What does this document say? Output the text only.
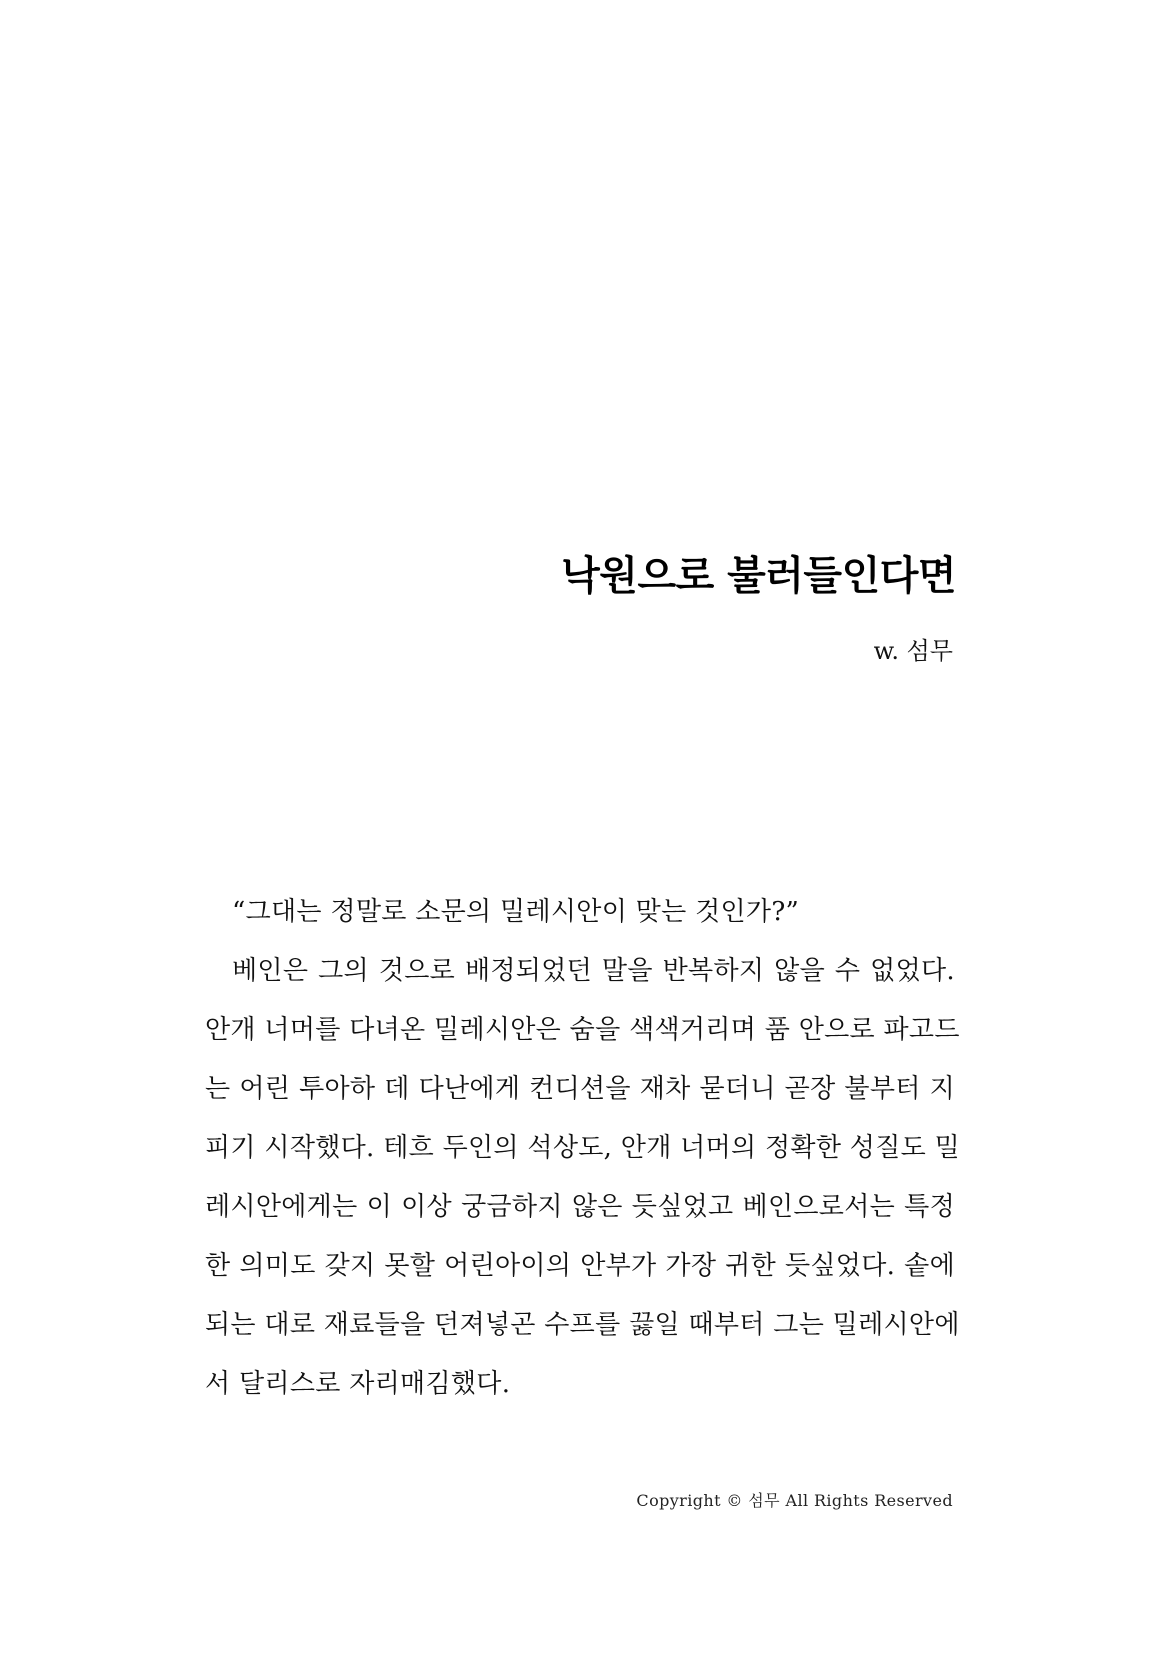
낙원으로 불러들인다면

w. 섬무

“그대는 정말로 소문의 밀레시안이 맞는 것인가?”
베인은 그의 것으로 배정되었던 말을 반복하지 않을 수 없었다.
안개 너머를 다녀온 밀레시안은 숨을 색색거리며 품 안으로 파고드
는 어린 투아하 데 다난에게 컨디션을 재차 묻더니 곧장 불부터 지
피기 시작했다. 테흐 두인의 석상도, 안개 너머의 정확한 성질도 밀
레시안에게는 이 이상 궁금하지 않은 듯싶었고 베인으로서는 특정
한 의미도 갖지 못할 어린아이의 안부가 가장 귀한 듯싶었다. 솥에
되는 대로 재료들을 던져넣곤 수프를 끓일 때부터 그는 밀레시안에
서 달리스로 자리매김했다.

Copyright © 섬무 All Rights Reserved
